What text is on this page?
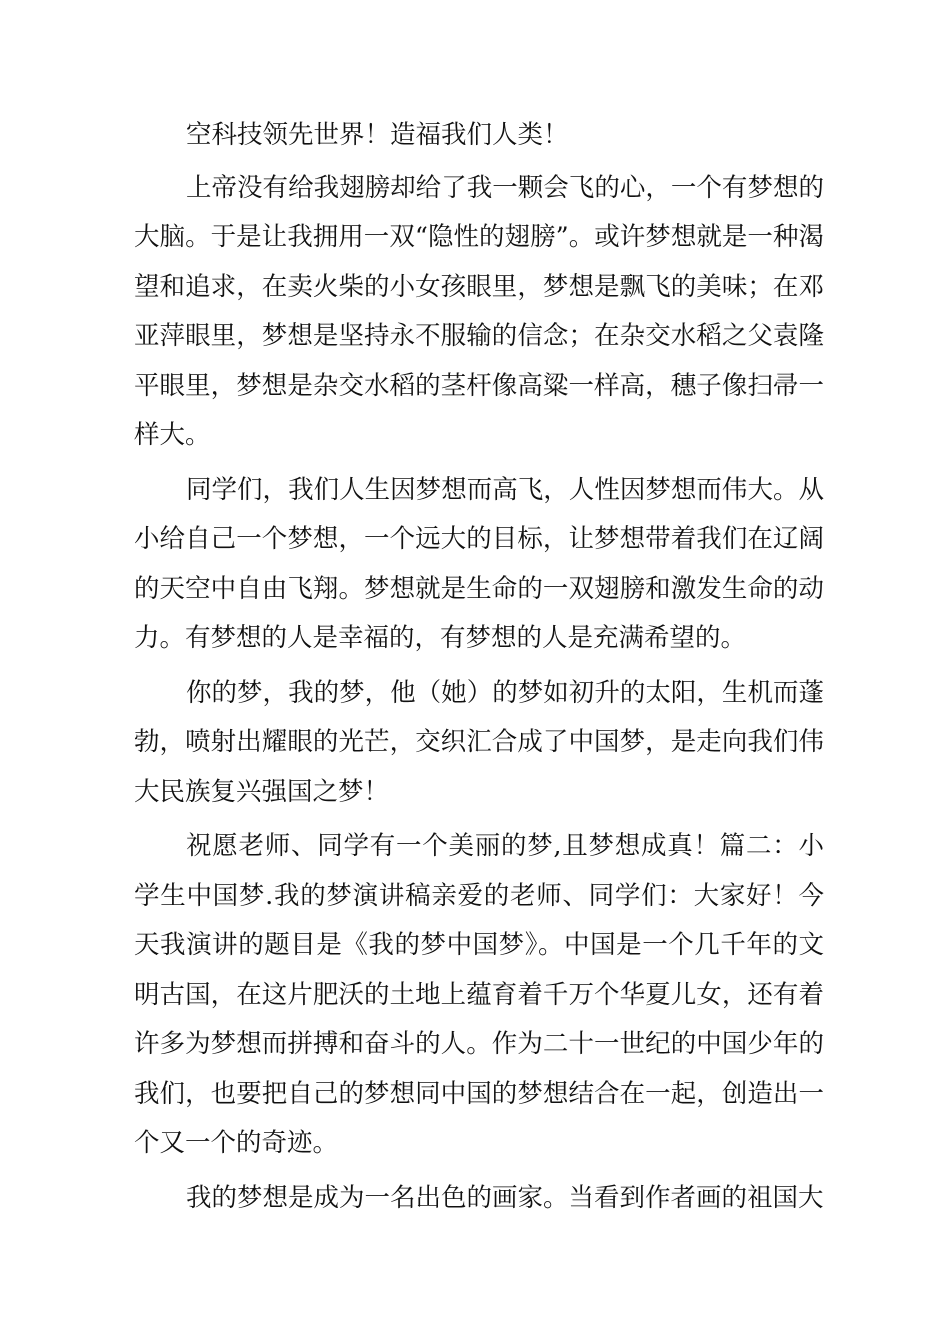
空科技领先世界！造福我们人类！

上帝没有给我翅膀却给了我一颗会飞的心，一个有梦想的大脑。于是让我拥用一双“隐性的翅膀”。或许梦想就是一种渴望和追求，在卖火柴的小女孩眼里，梦想是飘飞的美味；在邓亚萍眼里，梦想是坚持永不服输的信念；在杂交水稻之父袁隆平眼里，梦想是杂交水稻的茎杆像高粱一样高，穗子像扫帚一样大。

同学们，我们人生因梦想而高飞，人性因梦想而伟大。从小给自己一个梦想，一个远大的目标，让梦想带着我们在辽阔的天空中自由飞翔。梦想就是生命的一双翅膀和激发生命的动力。有梦想的人是幸福的，有梦想的人是充满希望的。

你的梦，我的梦，他（她）的梦如初升的太阳，生机而蓬勃，喷射出耀眼的光芒，交织汇合成了中国梦，是走向我们伟大民族复兴强国之梦！

祝愿老师、同学有一个美丽的梦,且梦想成真！篇二：小学生中国梦.我的梦演讲稿亲爱的老师、同学们：大家好！今天我演讲的题目是《我的梦中国梦》。中国是一个几千年的文明古国，在这片肥沃的土地上蕴育着千万个华夏儿女，还有着许多为梦想而拼搏和奋斗的人。作为二十一世纪的中国少年的我们，也要把自己的梦想同中国的梦想结合在一起，创造出一个又一个的奇迹。

我的梦想是成为一名出色的画家。当看到作者画的祖国大
